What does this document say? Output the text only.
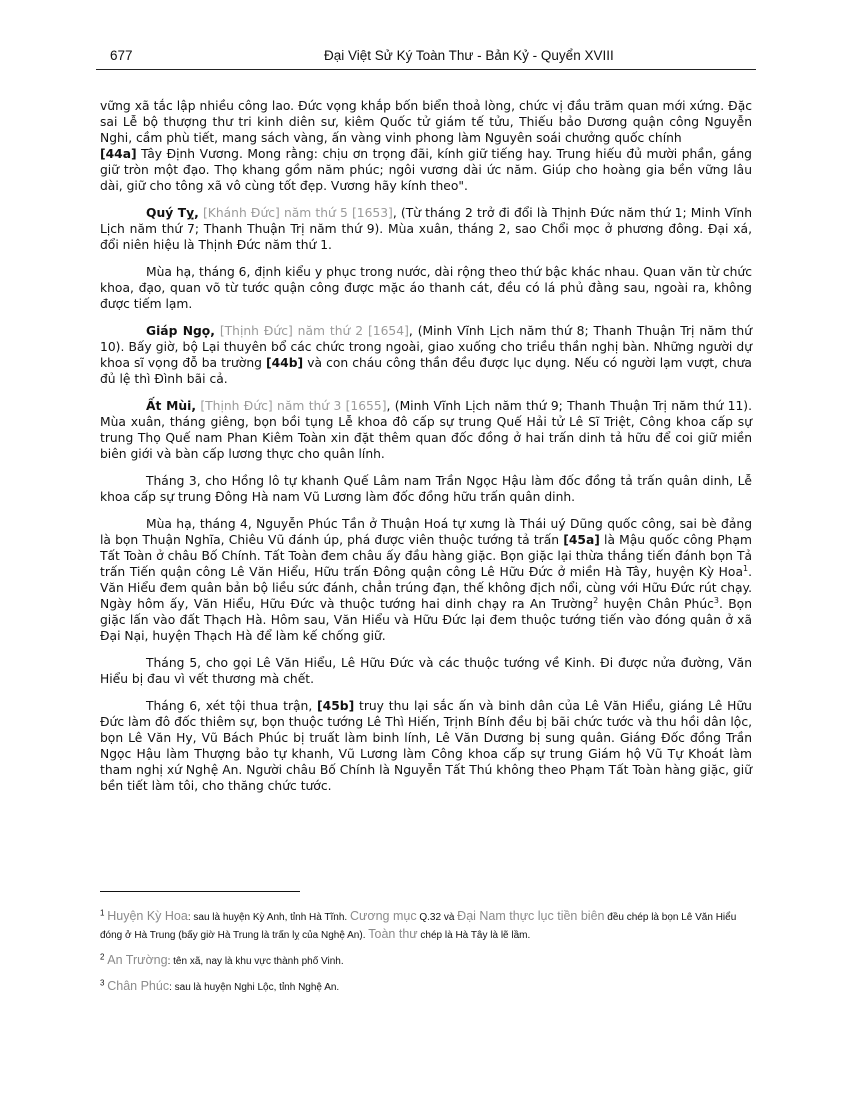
677	Đại Việt Sử Ký Toàn Thư - Bản Kỷ - Quyển XVIII

vững xã tắc lập nhiều công lao. Đức vọng khắp bốn biển thoả lòng, chức vị đầu trăm quan mới xứng. Đặc sai Lễ bộ thượng thư tri kinh diên sư, kiêm Quốc tử giám tế tửu, Thiếu bảo Dương quận công Nguyễn Nghi, cầm phù tiết, mang sách vàng, ấn vàng vinh phong làm Nguyên soái chưởng quốc chính
[44a] Tây Định Vương. Mong rằng: chịu ơn trọng đãi, kính giữ tiếng hay. Trung hiếu đủ mười phần, gắng giữ tròn một đạo. Thọ khang gồm năm phúc; ngôi vương dài ức năm. Giúp cho hoàng gia bền vững lâu dài, giữ cho tông xã vô cùng tốt đẹp. Vương hãy kính theo".

Quý Tỵ, [Khánh Đức] năm thứ 5 [1653], (Từ tháng 2 trở đi đổi là Thịnh Đức năm thứ 1; Minh Vĩnh Lịch năm thứ 7; Thanh Thuận Trị năm thứ 9). Mùa xuân, tháng 2, sao Chổi mọc ở phương đông. Đại xá, đổi niên hiệu là Thịnh Đức năm thứ 1.

Mùa hạ, tháng 6, định kiểu y phục trong nước, dài rộng theo thứ bậc khác nhau. Quan văn từ chức khoa, đạo, quan võ từ tước quận công được mặc áo thanh cát, đều có lá phủ đằng sau, ngoài ra, không được tiếm lạm.

Giáp Ngọ, [Thịnh Đức] năm thứ 2 [1654], (Minh Vĩnh Lịch năm thứ 8; Thanh Thuận Trị năm thứ 10). Bấy giờ, bộ Lại thuyên bổ các chức trong ngoài, giao xuống cho triều thần nghị bàn. Những người dự khoa sĩ vọng đỗ ba trường [44b] và con cháu công thần đều được lục dụng. Nếu có người lạm vượt, chưa đủ lệ thì Đình bãi cả.

Ất Mùi, [Thịnh Đức] năm thứ 3 [1655], (Minh Vĩnh Lịch năm thứ 9; Thanh Thuận Trị năm thứ 11). Mùa xuân, tháng giêng, bọn bồi tụng Lễ khoa đô cấp sự trung Quế Hải tử Lê Sĩ Triệt, Công khoa cấp sự trung Thọ Quế nam Phan Kiêm Toàn xin đặt thêm quan đốc đồng ở hai trấn dinh tả hữu để coi giữ miền biên giới và bàn cấp lương thực cho quân lính.

Tháng 3, cho Hồng lô tự khanh Quế Lâm nam Trần Ngọc Hậu làm đốc đồng tả trấn quân dinh, Lễ khoa cấp sự trung Đông Hà nam Vũ Lương làm đốc đồng hữu trấn quân dinh.

Mùa hạ, tháng 4, Nguyễn Phúc Tần ở Thuận Hoá tự xưng là Thái uý Dũng quốc công, sai bè đảng là bọn Thuận Nghĩa, Chiêu Vũ đánh úp, phá được viên thuộc tướng tả trấn [45a] là Mậu quốc công Phạm Tất Toàn ở châu Bố Chính. Tất Toàn đem châu ấy đầu hàng giặc. Bọn giặc lại thừa thắng tiến đánh bọn Tả trấn Tiến quận công Lê Văn Hiểu, Hữu trấn Đông quận công Lê Hữu Đức ở miền Hà Tây, huyện Kỳ Hoa$^1$. Văn Hiểu đem quân bản bộ liều sức đánh, chẳn trúng đạn, thế không địch nổi, cùng với Hữu Đức rút chạy. Ngày hôm ấy, Văn Hiểu, Hữu Đức và thuộc tướng hai dinh chạy ra An Trường$^2$ huyện Chân Phúc$^3$. Bọn giặc lấn vào đất Thạch Hà. Hôm sau, Văn Hiểu và Hữu Đức lại đem thuộc tướng tiến vào đóng quân ở xã Đại Nại, huyện Thạch Hà để làm kế chống giữ.

Tháng 5, cho gọi Lê Văn Hiểu, Lê Hữu Đức và các thuộc tướng về Kinh. Đi được nửa đường, Văn Hiểu bị đau vì vết thương mà chết.

Tháng 6, xét tội thua trận, [45b] truy thu lại sắc ấn và binh dân của Lê Văn Hiểu, giáng Lê Hữu Đức làm đô đốc thiêm sự, bọn thuộc tướng Lê Thì Hiến, Trịnh Bính đều bị bãi chức tước và thu hồi dân lộc, bọn Lê Văn Hy, Vũ Bách Phúc bị truất làm binh lính, Lê Văn Dương bị sung quân. Giáng Đốc đồng Trần Ngọc Hậu làm Thượng bảo tự khanh, Vũ Lương làm Công khoa cấp sự trung Giám hộ Vũ Tự Khoát làm tham nghị xứ Nghệ An. Người châu Bố Chính là Nguyễn Tất Thú không theo Phạm Tất Toàn hàng giặc, giữ bền tiết làm tôi, cho thăng chức tước.

$^1$ Huyện Kỳ Hoa: sau là huyện Kỳ Anh, tỉnh Hà Tĩnh. Cương mục Q.32 và Đại Nam thực lục tiền biên đều chép là bọn Lê Văn Hiểu đóng ở Hà Trung (bấy giờ Hà Trung là trấn lỵ của Nghệ An). Toàn thư chép là Hà Tây là lẽ lầm.

$^2$ An Trường: tên xã, nay là khu vực thành phố Vinh.

$^3$ Chân Phúc: sau là huyện Nghi Lộc, tỉnh Nghệ An.
